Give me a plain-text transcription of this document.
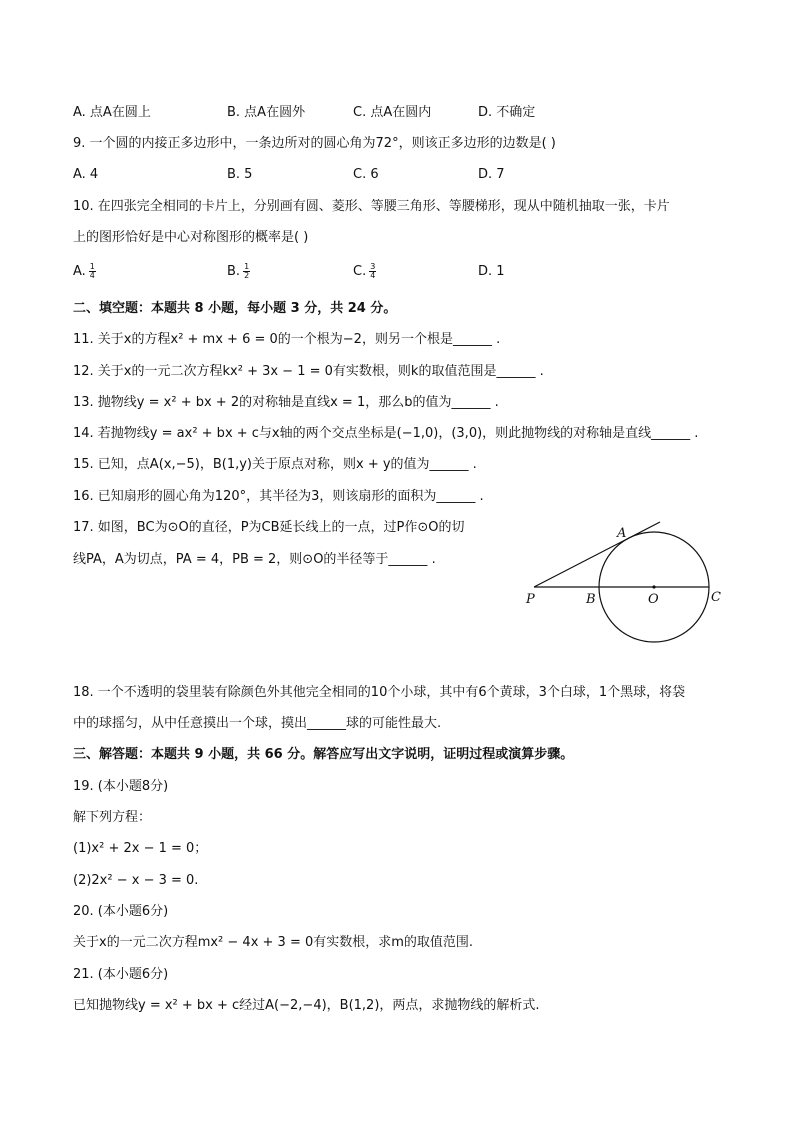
A. 点A在圆上	B. 点A在圆外	C. 点A在圆内	D. 不确定
9. 一个圆的内接正多边形中，一条边所对的圆心角为72°，则该正多边形的边数是( )
A. 4	B. 5	C. 6	D. 7
10. 在四张完全相同的卡片上，分别画有圆、菱形、等腰三角形、等腰梯形，现从中随机抽取一张，卡片
上的图形恰好是中心对称图形的概率是( )
A. $\frac{1}{4}$	B. $\frac{1}{2}$	C. $\frac{3}{4}$	D. 1
二、填空题：本题共 8 小题，每小题 3 分，共 24 分。
11. 关于x的方程x² + mx + 6 = 0的一个根为−2，则另一个根是______ .
12. 关于x的一元二次方程kx² + 3x − 1 = 0有实数根，则k的取值范围是______ .
13. 抛物线y = x² + bx + 2的对称轴是直线x = 1，那么b的值为______ .
14. 若抛物线y = ax² + bx + c与x轴的两个交点坐标是(−1,0)，(3,0)，则此抛物线的对称轴是直线______ .
15. 已知，点A(x,−5)，B(1,y)关于原点对称，则x + y的值为______ .
16. 已知扇形的圆心角为120°，其半径为3，则该扇形的面积为______ .
17. 如图，BC为⊙O的直径，P为CB延长线上的一点，过P作⊙O的切
线PA，A为切点，PA = 4，PB = 2，则⊙O的半径等于______ .
A
P	B	O	C
18. 一个不透明的袋里装有除颜色外其他完全相同的10个小球，其中有6个黄球，3个白球，1个黑球，将袋
中的球摇匀，从中任意摸出一个球，摸出______球的可能性最大.
三、解答题：本题共 9 小题，共 66 分。解答应写出文字说明，证明过程或演算步骤。
19. (本小题8分)
解下列方程：
(1)x² + 2x − 1 = 0；
(2)2x² − x − 3 = 0.
20. (本小题6分)
关于x的一元二次方程mx² − 4x + 3 = 0有实数根，求m的取值范围.
21. (本小题6分)
已知抛物线y = x² + bx + c经过A(−2,−4)，B(1,2)，两点，求抛物线的解析式.
